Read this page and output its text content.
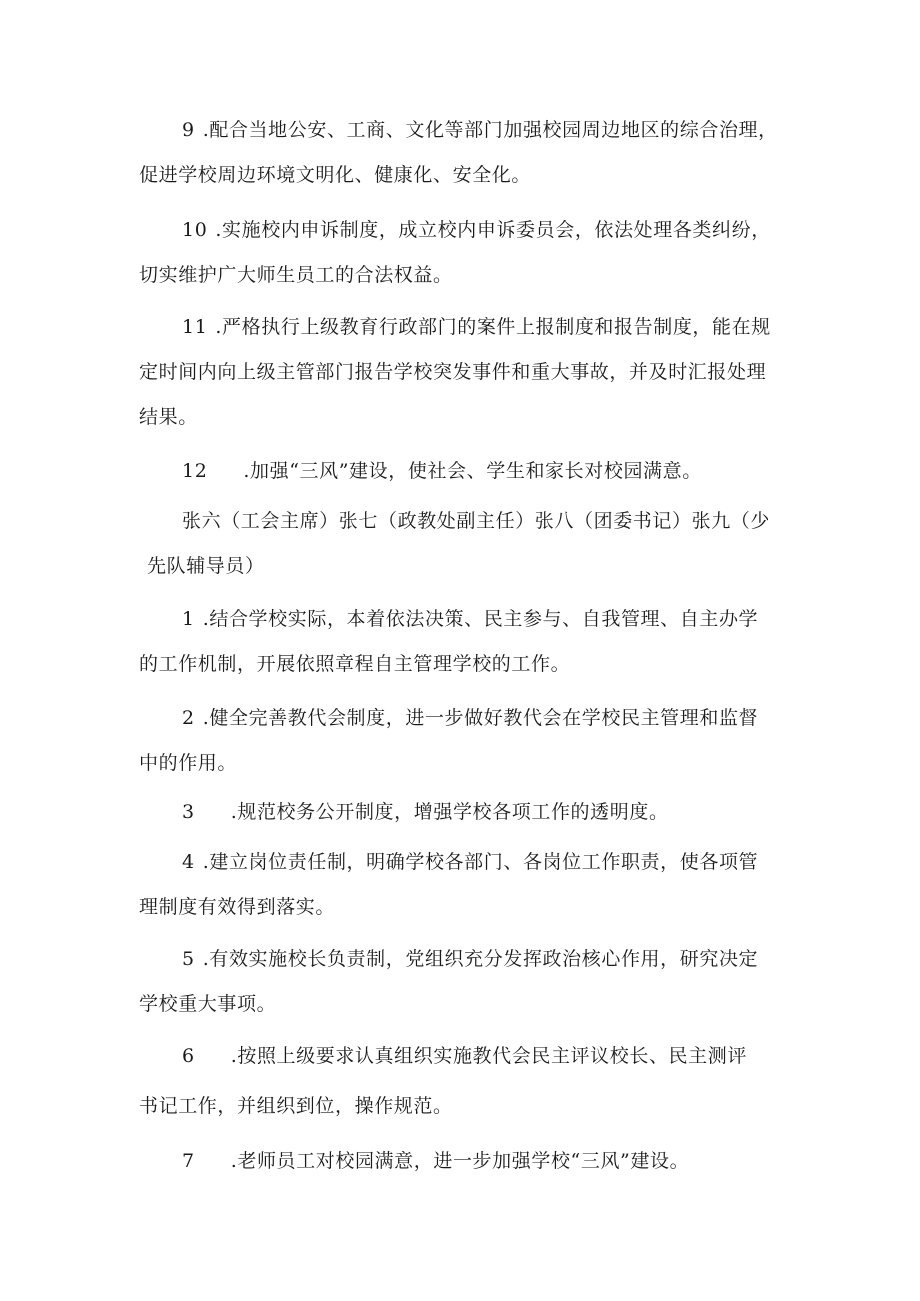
9 .配合当地公安、工商、文化等部门加强校园周边地区的综合治理，
促进学校周边环境文明化、健康化、安全化。
10 .实施校内申诉制度，成立校内申诉委员会，依法处理各类纠纷，
切实维护广大师生员工的合法权益。
11 .严格执行上级教育行政部门的案件上报制度和报告制度，能在规
定时间内向上级主管部门报告学校突发事件和重大事故，并及时汇报处理
结果。
12 .加强“三风”建设，使社会、学生和家长对校园满意。
张六（工会主席）张七（政教处副主任）张八（团委书记）张九（少
先队辅导员）
1 .结合学校实际，本着依法决策、民主参与、自我管理、自主办学
的工作机制，开展依照章程自主管理学校的工作。
2 .健全完善教代会制度，进一步做好教代会在学校民主管理和监督
中的作用。
3 .规范校务公开制度，增强学校各项工作的透明度。
4 .建立岗位责任制，明确学校各部门、各岗位工作职责，使各项管
理制度有效得到落实。
5 .有效实施校长负责制，党组织充分发挥政治核心作用，研究决定
学校重大事项。
6 .按照上级要求认真组织实施教代会民主评议校长、民主测评
书记工作，并组织到位，操作规范。
7 .老师员工对校园满意，进一步加强学校“三风”建设。
